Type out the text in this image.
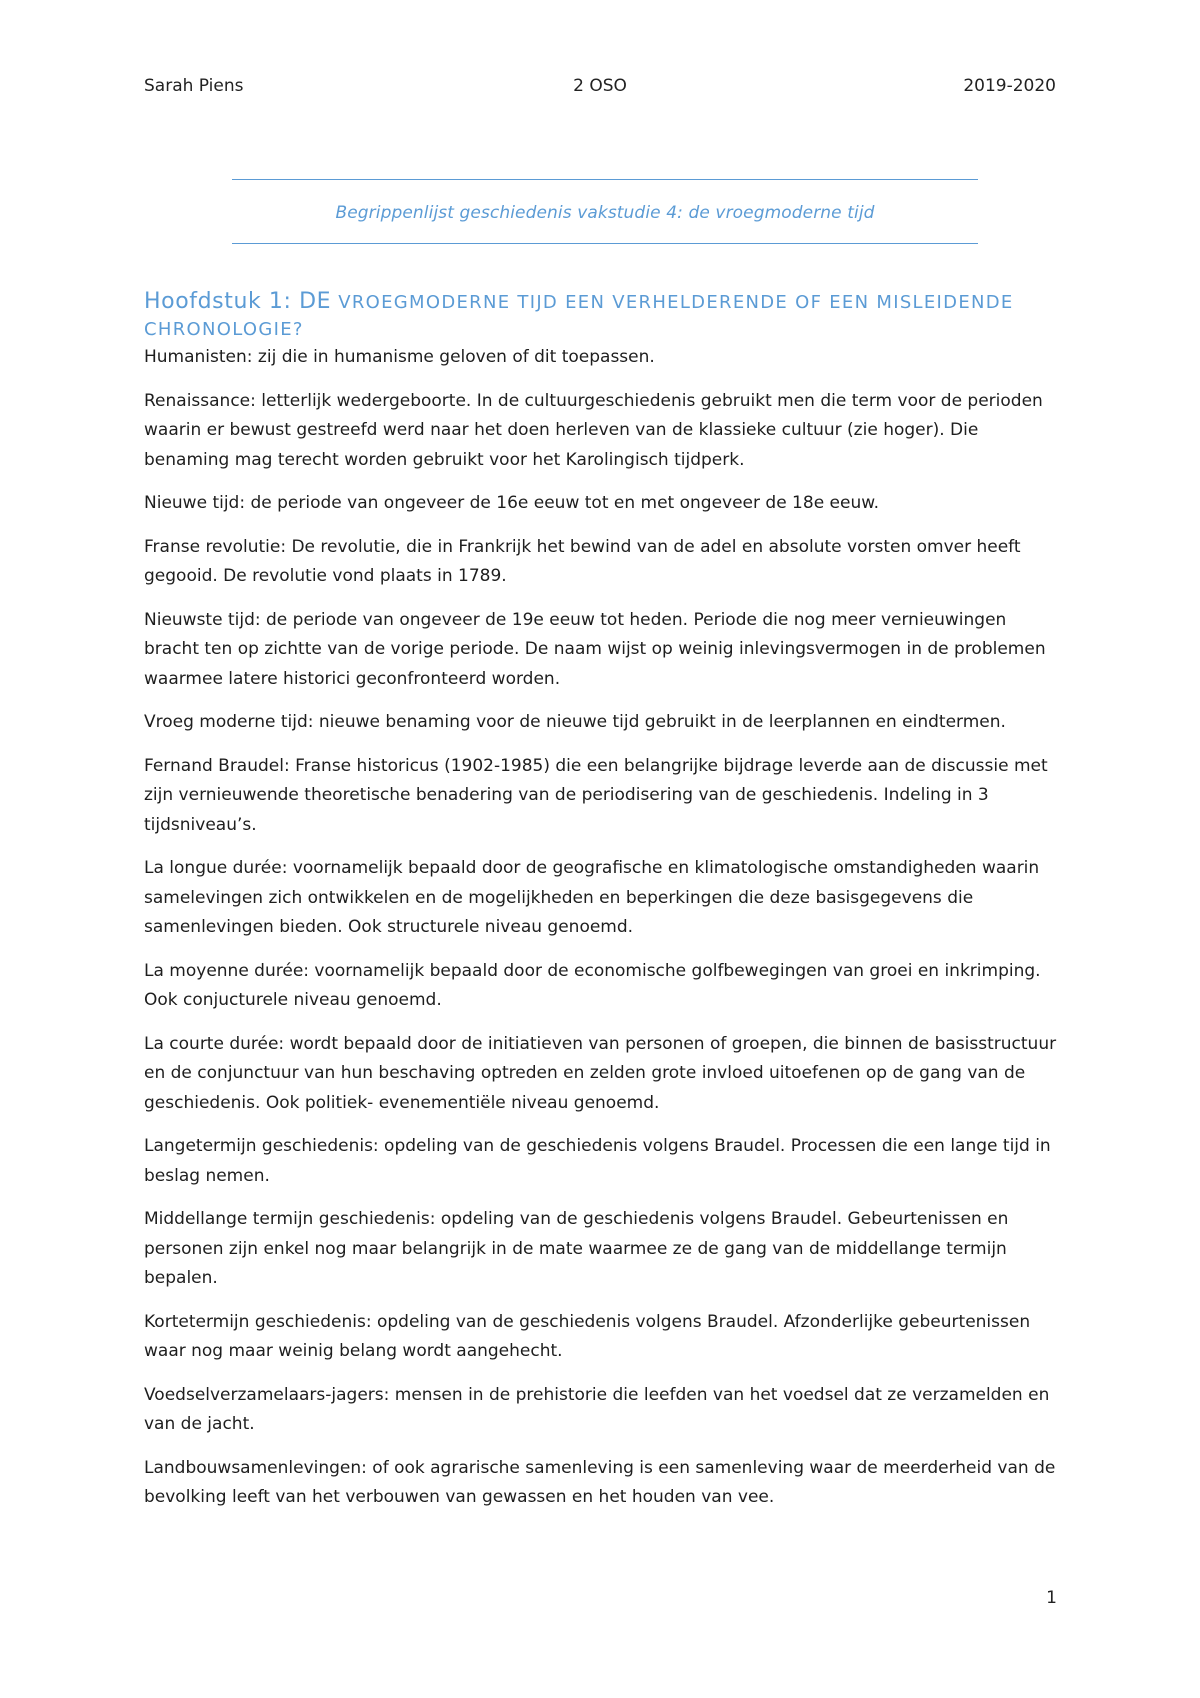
Sarah Piens	2 OSO	2019-2020
Begrippenlijst geschiedenis vakstudie 4: de vroegmoderne tijd
Hoofdstuk 1: DE VROEGMODERNE TIJD EEN VERHELDERENDE OF EEN MISLEIDENDE CHRONOLOGIE?

Humanisten: zij die in humanisme geloven of dit toepassen.

Renaissance: letterlijk wedergeboorte. In de cultuurgeschiedenis gebruikt men die term voor de perioden waarin er bewust gestreefd werd naar het doen herleven van de klassieke cultuur (zie hoger). Die benaming mag terecht worden gebruikt voor het Karolingisch tijdperk.

Nieuwe tijd: de periode van ongeveer de 16e eeuw tot en met ongeveer de 18e eeuw.

Franse revolutie: De revolutie, die in Frankrijk het bewind van de adel en absolute vorsten omver heeft gegooid. De revolutie vond plaats in 1789.

Nieuwste tijd: de periode van ongeveer de 19e eeuw tot heden. Periode die nog meer vernieuwingen bracht ten op zichtte van de vorige periode. De naam wijst op weinig inlevingsvermogen in de problemen waarmee latere historici geconfronteerd worden.

Vroeg moderne tijd: nieuwe benaming voor de nieuwe tijd gebruikt in de leerplannen en eindtermen.

Fernand Braudel: Franse historicus (1902-1985) die een belangrijke bijdrage leverde aan de discussie met zijn vernieuwende theoretische benadering van de periodisering van de geschiedenis. Indeling in 3 tijdsniveau’s.

La longue durée: voornamelijk bepaald door de geografische en klimatologische omstandigheden waarin samelevingen zich ontwikkelen en de mogelijkheden en beperkingen die deze basisgegevens die samenlevingen bieden. Ook structurele niveau genoemd.

La moyenne durée: voornamelijk bepaald door de economische golfbewegingen van groei en inkrimping. Ook conjucturele niveau genoemd.

La courte durée: wordt bepaald door de initiatieven van personen of groepen, die binnen de basisstructuur en de conjunctuur van hun beschaving optreden en zelden grote invloed uitoefenen op de gang van de geschiedenis. Ook politiek- evenementiële niveau genoemd.

Langetermijn geschiedenis: opdeling van de geschiedenis volgens Braudel. Processen die een lange tijd in beslag nemen.

Middellange termijn geschiedenis: opdeling van de geschiedenis volgens Braudel. Gebeurtenissen en personen zijn enkel nog maar belangrijk in de mate waarmee ze de gang van de middellange termijn bepalen.

Kortetermijn geschiedenis: opdeling van de geschiedenis volgens Braudel. Afzonderlijke gebeurtenissen waar nog maar weinig belang wordt aangehecht.

Voedselverzamelaars-jagers: mensen in de prehistorie die leefden van het voedsel dat ze verzamelden en van de jacht.

Landbouwsamenlevingen: of ook agrarische samenleving is een samenleving waar de meerderheid van de bevolking leeft van het verbouwen van gewassen en het houden van vee.

1
